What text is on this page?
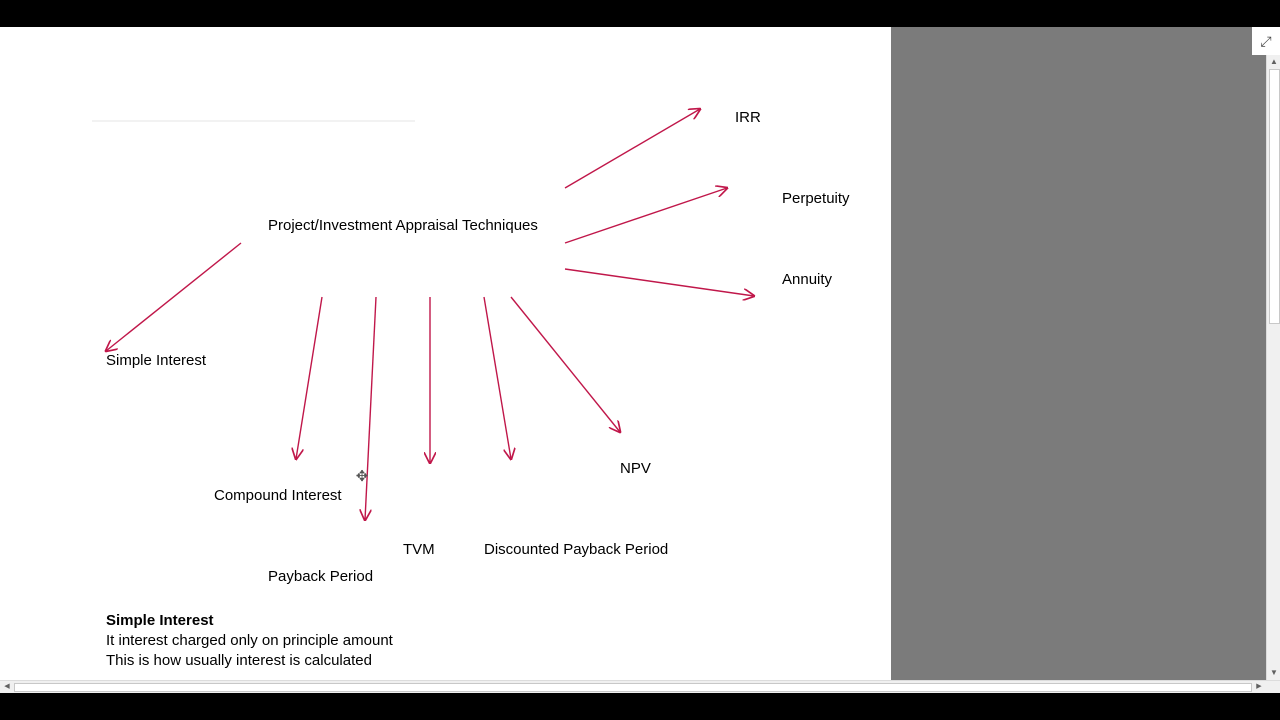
Project/Investment Appraisal Techniques
IRR
Perpetuity
Annuity
Simple Interest
Compound Interest
Payback Period
TVM	Discounted Payback Period
NPV
✥
Simple Interest
It interest charged only on principle amount
This is how usually interest is calculated
⤢
▲
▼
◀	▶
